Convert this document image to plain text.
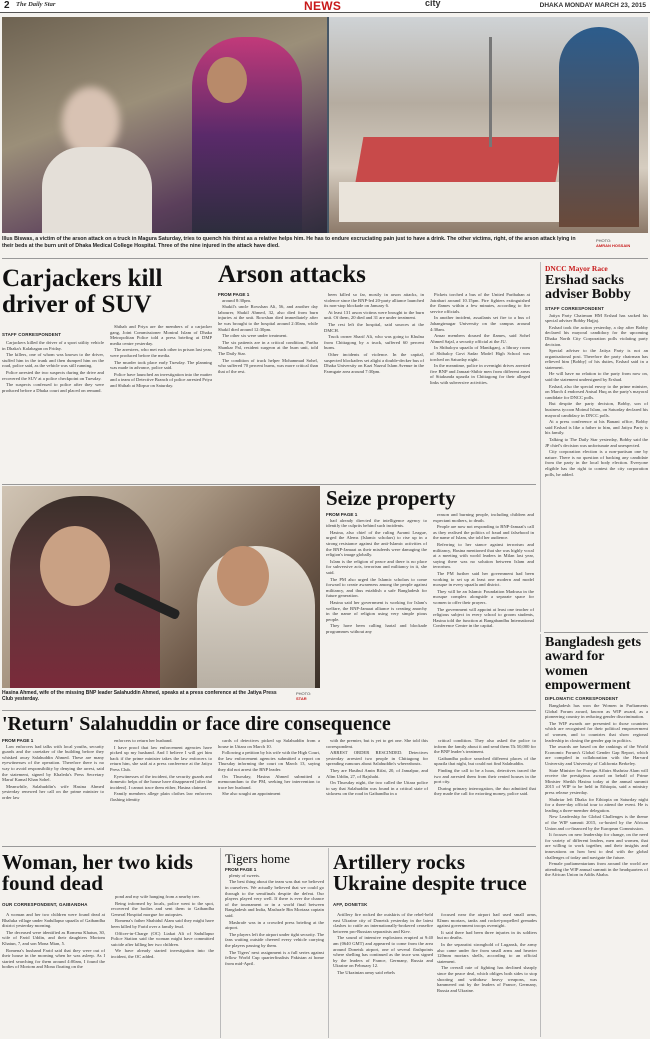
2 The Daily Star	NEWS	city	DHAKA MONDAY MARCH 23, 2015
Illus Biswas, a victim of the arson attack on a truck in Magura Saturday, tries to quench his thirst as a relative helps him. He has to endure excruciating pain just to have a drink. The other victims, right, of the arson attack lying in their beds at the burn unit of Dhaka Medical College Hospital. Three of the nine injured in the attack have died.
PHOTO:
AMRAN HOSSAIN
Carjackers kill driver of SUV
STAFF CORRESPONDENT

Carjackers killed the driver of a sport utility vehicle in Dhaka's Kalabagan on Friday.

The killers, one of whom was known to the driver, stuffed him in the trunk and then dumped him on the road, police said, as the vehicle was still running.

Police arrested the two suspects during the drive and recovered the SUV at a police checkpoint on Tuesday.

The suspects confessed to police after they were produced before a Dhaka court and placed on remand.

Shihab and Priya are the members of a carjacker gang, Joint Commissioner Monirul Islam of Dhaka Metropolitan Police told a press briefing at DMP media centre yesterday.

The arrestees, who met each other in prison last year, were produced before the media.

The murder took place early Tuesday. The planning was made in advance, police said.

Police have launched an investigation into the matter and a team of Detective Branch of police arrested Priya and Shihab at Mirpur on Saturday.

Arson attacks
FROM PAGE 1

around 8:30pm.

Shakil's uncle Rowshan Ali, 56, and another day labourer, Shakil Ahmed, 32, also died from burn injuries at the unit. Rowshan died immediately after he was brought to the hospital around 2:30am, while Shakil died around 12:30pm.

The other six were under treatment.

The six patients are in a critical condition, Partha Shankar Pal, resident surgeon at the burn unit, told The Daily Star.

The condition of truck helper Mohammad Sohel, who suffered 70 percent burns, was more critical than that of the rest.

been killed so far, mostly in arson attacks, in violence since the BNP-led 20-party alliance launched its non-stop blockade on January 6.

At least 131 arson victims were brought to the burn unit. Of them, 20 died and 31 are under treatment.

The rest left the hospital, said sources at the DMCH.

Truck owner Sharif Ali, who was going to Khulna from Chittagong by a truck, suffered 60 percent burns.

Other incidents of violence. In the capital, suspected blockaders set alight a double-decker bus of Dhaka University on Kazi Nazrul Islam Avenue in the Farmgate area around 7:30pm.

Pickets torched a bus of the United Paribahan at Jatrabari around 10.15pm. Fire fighters extinguished the flames within a few minutes, according to fire service officials.

In another incident, assailants set fire to a bus of Jahangirnagar University on the campus around 4:30am.

Ansar members doused the flames, said Sohel Ahmed Sajal, a security official at the JU.

In Shibaloya upazila of Manikganj, a library room of Shibaloy Govt Sadar Model High School was torched on Saturday night.

In the meantime, police in overnight drives arrested five BNP and Jamaat-Shibir men from different areas of Sitakunda upazila in Chittagong for their alleged links with subversive activities.

DNCC Mayor Race
Ershad sacks adviser Bobby
STAFF CORRESPONDENT

Jatiya Party Chairman HM Ershad has sacked his special adviser Bobby Hajjaj.

Ershad took the action yesterday, a day after Bobby declared his mayoral candidacy for the upcoming Dhaka North City Corporation polls violating party decision.

Special adviser to the Jatiya Party is not an organisational post. Therefore the party chairman has relieved him [Bobby] of his duties, Ershad said in a statement.

He will have no relation to the party from now on, said the statement undersigned by Ershad.

Ershad, also the special envoy to the prime minister, on March 4 endorsed Anisul Huq as the party's mayoral candidate for DNCC polls.

But despite the party decision, Bobby, son of business tycoon Moinul Islam, on Saturday declared his mayoral candidacy in DNCC polls.

At a press conference at his Banani office, Bobby said Ershad is like a father to him, and Jatiya Party is his family.

Talking to The Daily Star yesterday, Bobby said the JP chief's decision was unfortunate and unexpected.

City corporation election is a non-partisan one by nature. There is no question of backing any candidate from the party in the local body election. Everyone eligible has the right to contest the city corporation polls, he added.

Bangladesh gets award for women empowerment
DIPLOMATIC CORRESPONDENT

Bangladesh has won the Women in Parliaments Global Forum award, known as WIP award, as a pioneering country in reducing gender discrimination.

The WIP awards are presented to those countries which are recognised for their political empowerment of women, and to countries that show regional leadership in closing the gender gap in politics.

The awards are based on the rankings of the World Economic Forum's Global Gender Gap Report, which are compiled in collaboration with the Harvard University and University of California Berkeley.

State Minister for Foreign Affairs Shahriar Alam will receive the prestigious award on behalf of Prime Minister Sheikh Hasina today at the annual summit 2015 of WIP to be held in Ethiopia, said a ministry press release yesterday.

Shahriar left Dhaka for Ethiopia on Saturday night for a three-day official tour to attend the event. He is leading a three-member delegation.

New Leadership for Global Challenges is the theme of the WIP summit 2015, co-hosted by the African Union and co-financed by the European Commission.

It focuses on new leadership for change, on the need for variety of different leaders, men and women, that are willing to work together, and their insights and innovations on how best to deal with the global challenges of today and navigate the future.

Female parliamentarians from around the world are attending the WIP annual summit in the headquarters of the African Union in Addis Ababa.

Hasina Ahmed, wife of the missing BNP leader Salahuddin Ahmed, speaks at a press conference at the Jatiya Press Club yesterday.
PHOTO:
STAR
Seize property
FROM PAGE 1

had already directed the intelligence agency to identify the culprits behind such incidents.

Hasina, also chief of the ruling Awami League, urged the Alems (Islamic scholars) to rise up in a strong resistance against the anti-Islamic activities of the BNP-Jamaat as their misdeeds were damaging the religion's image globally.

Islam is the religion of peace and there is no place for subversive acts, terrorism and militancy in it, she said.

The PM also urged the Islamic scholars to come forward to create awareness among the people against militancy, and thus establish a safe Bangladesh for future generation.

Hasina said her government is working for Islam's welfare, the BNP-Jamaat alliance is creating anarchy in the name of religion using very simple pious people.

They have been calling hartal and blockade programmes without any

reason and burning people, including children and expectant mothers, to death.

People are now not responding to BNP-Jamaat's call as they realised the politics of fraud and falsehood in the name of Islam, she told her audience.

Referring to her stance against terrorism and militancy, Hasina mentioned that she was highly vocal at a meeting with world leaders in Milan last year, saying there was no solution between Islam and terrorism.

The PM further said her government had been working to set up at least one modern and model mosque in every upazila and district.

They will be an Islamic Foundation Madrasa in the mosque complex alongside a separate space for women to offer their prayers.

The government will appoint at least one teacher of religious subject in every school to groom students, Hasina told the function at Bangabandhu International Conference Centre in the capital.

'Return' Salahuddin or face dire consequence
FROM PAGE 1

Law enforcers had talks with local youths, security guards and the caretaker of the building before they whisked away Salahuddin Ahmed. These are many eyewitnesses of the operation. Therefore there is no way to avoid responsibility by denying the arrest, said the statement, signed by Khaleda's Press Secretary Maruf Kamal Khan Sohel.

Meanwhile, Salahuddin's wife Hasina Ahmed yesterday renewed her call on the prime minister to order law

enforcers to return her husband.

I have proof that law enforcement agencies have picked up my husband. And I believe I will get him back if the prime minister takes the law enforcers to return him, she said at a press conference at the Jatiya Press Club.

Eyewitnesses of the incident, the security guards and domestic helps of the house have disappeared [after the incident]. I cannot trace them either, Hasina claimed.

Family members allege plain clothes law enforcers flashing identity

cards of detectives picked up Salahuddin from a house in Uttara on March 10.

Following a petition by his wife with the High Court, the law enforcement agencies submitted a report on Thursday informing the court on March 13, saying they did not arrest the BNP leader.

On Thursday, Hasina Ahmed submitted a memorandum to the PM, seeking her intervention to trace her husband.

She also sought an appointment

with the premier, but is yet to get one. She told this correspondent.

ARREST ORDER RESCINDED. Detectives yesterday arrested two people in Chittagong for spreading rumours about Salahuddin's whereabouts.

They are Hasibul Amin Rifat, 20, of Jamalpur, and Alim Uddin, 27, of Rajshahi.

On Thursday night, the two called the Uttara police to say that Salahuddin was found in a critical state of sickness on the road in Gaibandha in a

critical condition. They also asked the police to inform the family about it and send them Tk 50,000 for the BNP leader's treatment.

Gaibandha police searched different places of the upazila that night, but could not find Salahuddin.

Finding the call to be a hoax, detectives traced the two and arrested them from their rented houses in the port city.

During primary interrogation, the duo admitted that they made the call for extorting money, police said.

Woman, her two kids found dead
OUR CORRESPONDENT, GAIBANDHA

A woman and her two children were found dead at Bhaluka village under Sadullapur upazila of Gaibandha district yesterday morning.

The deceased were identified as Romena Khatun, 30, wife of Farid Uddin, and their daughters Moriom Khatun, 7, and son Mona Mian, 5.

Romena's husband Farid said that they were out of their house in the morning when he was asleep. As I started searching for them around 4:00am, I found the bodies of Moriom and Mona floating on the

pond and my wife hanging from a nearby tree.

Being informed by locals, police went to the spot, recovered the bodies and sent them to Gaibandha General Hospital morgue for autopsies.

Romena's father Shahidul Alam said they might have been killed by Farid over a family feud.

Officer-in-Charge (OC) Liakat Ali of Sadullapur Police Station said the woman might have committed suicide after killing her two children.

We have already started investigation into the incident, the OC added.

Tigers home
FROM PAGE 1

plenty of sweets.

The best thing about the team was that we believed in ourselves. We actually believed that we could go through to the semifinals despite the defeat. Our players played very well. If there is ever the chance of the tournament or in a world final between Bangladesh and India, Mashrafe Bin Mortaza captain said.

Mashrafe was in a crowded press briefing at the airport.

The players left the airport under tight security. The fans waiting outside cheered every vehicle carrying the players passing by them.

The Tigers' next assignment is a full series against fellow World Cup quarterfinalists Pakistan at home from mid-April.

Artillery rocks Ukraine despite truce
AFP, DONETSK

Artillery fire rocked the outskirts of the rebel-held east Ukraine city of Donetsk yesterday in the latest clashes to rattle an internationally-brokered ceasefire between pro-Russian separatists and Kiev.

The sound of intensive explosions erupted at 9:40 am (0640 GMT) and appeared to come from the area around Donetsk airport, one of several flashpoints where shelling has continued as the truce was signed by the leaders of France, Germany, Russia and Ukraine on February 12.

The Ukrainian army said rebels

focused near the airport had used small arms, 82mm mortars, tanks and rocket-propelled grenades against government troops overnight.

It said there had been three injuries in its soldiers but no deaths.

In the separatist stronghold of Lugansk, the army also came under fire from small arms and heavier 120mm mortars shells, according to an official statement.

The overall rate of fighting has declined sharply since the peace deal, which obliges both sides to stop shooting and withdraw heavy weapons, was hammered out by the leaders of France, Germany, Russia and Ukraine.
